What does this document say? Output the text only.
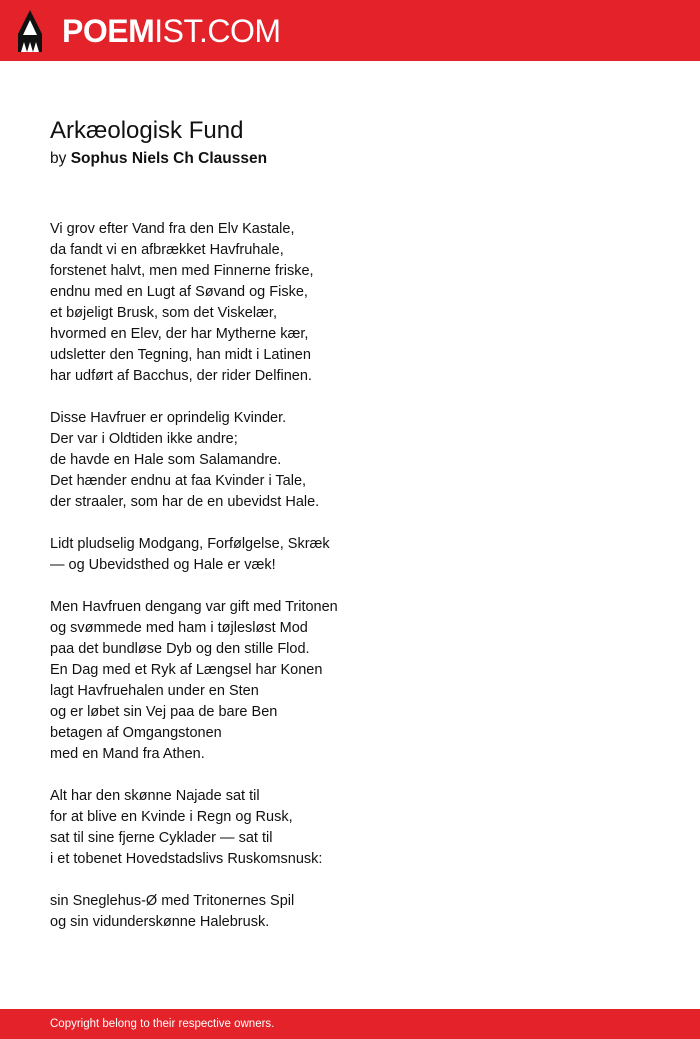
POEMIST.COM
Arkæologisk Fund
by Sophus Niels Ch Claussen

Vi grov efter Vand fra den Elv Kastale,
da fandt vi en afbrækket Havfruhale,
forstenet halvt, men med Finnerne friske,
endnu med en Lugt af Søvand og Fiske,
et bøjeligt Brusk, som det Viskelær,
hvormed en Elev, der har Mytherne kær,
udsletter den Tegning, han midt i Latinen
har udført af Bacchus, der rider Delfinen.

Disse Havfruer er oprindelig Kvinder.
Der var i Oldtiden ikke andre;
de havde en Hale som Salamandre.
Det hænder endnu at faa Kvinder i Tale,
der straaler, som har de en ubevidst Hale.

Lidt pludselig Modgang, Forfølgelse, Skræk
— og Ubevidsthed og Hale er væk!

Men Havfruen dengang var gift med Tritonen
og svømmede med ham i tøjlesløst Mod
paa det bundløse Dyb og den stille Flod.
En Dag med et Ryk af Længsel har Konen
lagt Havfruehalen under en Sten
og er løbet sin Vej paa de bare Ben
betagen af Omgangstonen
med en Mand fra Athen.

Alt har den skønne Najade sat til
for at blive en Kvinde i Regn og Rusk,
sat til sine fjerne Cyklader — sat til
i et tobenet Hovedstadslivs Ruskomsnusk:

sin Sneglehus-Ø med Tritonernes Spil
og sin vidunderskønne Halebrusk.

Copyright belong to their respective owners.
